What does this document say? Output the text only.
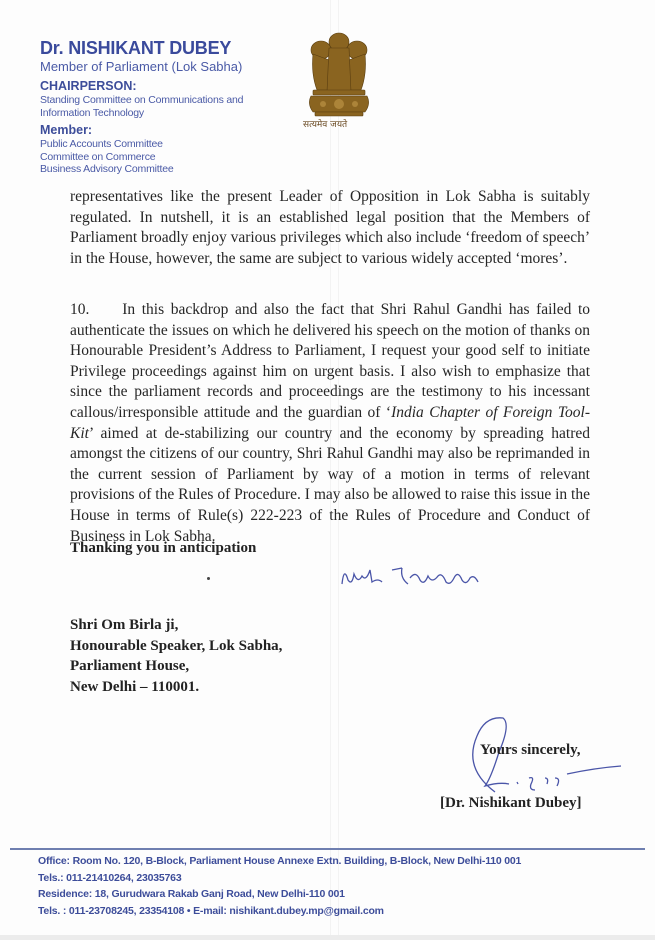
Dr. NISHIKANT DUBEY
Member of Parliament (Lok Sabha)
CHAIRPERSON:
Standing Committee on Communications and
Information Technology
Member:
Public Accounts Committee
Committee on Commerce
Business Advisory Committee
सत्यमेव जयते
representatives like the present Leader of Opposition in Lok Sabha is suitably regulated. In nutshell, it is an established legal position that the Members of Parliament broadly enjoy various privileges which also include ‘freedom of speech’ in the House, however, the same are subject to various widely accepted ‘mores’.
10. In this backdrop and also the fact that Shri Rahul Gandhi has failed to authenticate the issues on which he delivered his speech on the motion of thanks on Honourable President’s Address to Parliament, I request your good self to initiate Privilege proceedings against him on urgent basis. I also wish to emphasize that since the parliament records and proceedings are the testimony to his incessant callous/irresponsible attitude and the guardian of ‘India Chapter of Foreign Tool-Kit’ aimed at de-stabilizing our country and the economy by spreading hatred amongst the citizens of our country, Shri Rahul Gandhi may also be reprimanded in the current session of Parliament by way of a motion in terms of relevant provisions of the Rules of Procedure. I may also be allowed to raise this issue in the House in terms of Rule(s) 222-223 of the Rules of Procedure and Conduct of Business in Lok Sabha.
Thanking you in anticipation
Shri Om Birla ji,
Honourable Speaker, Lok Sabha,
Parliament House,
New Delhi – 110001.
Yours sincerely,
[Dr. Nishikant Dubey]
Office: Room No. 120, B-Block, Parliament House Annexe Extn. Building, B-Block, New Delhi-110 001
Tels.: 011-21410264, 23035763
Residence: 18, Gurudwara Rakab Ganj Road, New Delhi-110 001
Tels. : 011-23708245, 23354108 • E-mail: nishikant.dubey.mp@gmail.com
